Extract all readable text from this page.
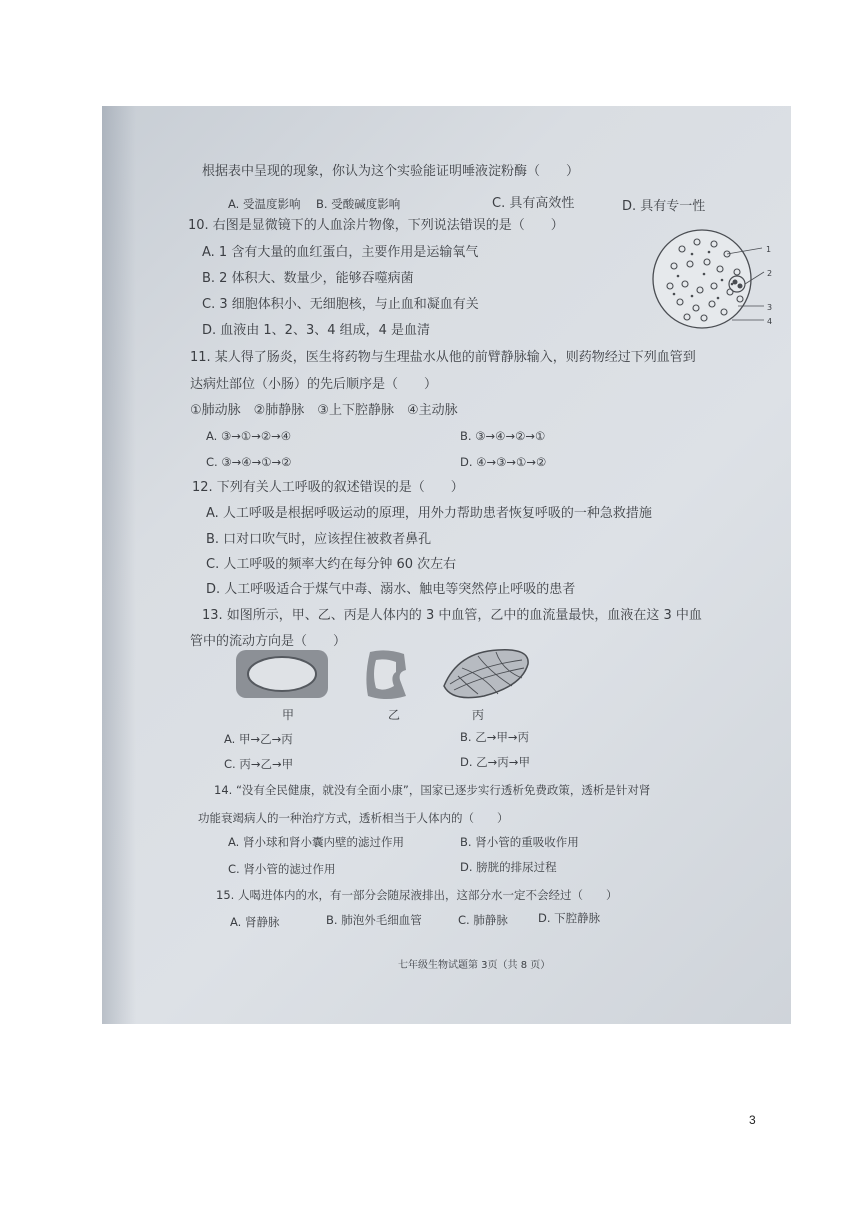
根据表中呈现的现象，你认为这个实验能证明唾液淀粉酶（　　）
A. 受温度影响 B. 受酸碱度影响	C. 具有高效性	D. 具有专一性
10. 右图是显微镜下的人血涂片物像，下列说法错误的是（　　）
A. 1 含有大量的血红蛋白，主要作用是运输氧气
B. 2 体积大、数量少，能够吞噬病菌
C. 3 细胞体积小、无细胞核，与止血和凝血有关
D. 血液由 1、2、3、4 组成，4 是血清
1
2
3
4
11. 某人得了肠炎，医生将药物与生理盐水从他的前臂静脉输入，则药物经过下列血管到
达病灶部位（小肠）的先后顺序是（　　）
①肺动脉　②肺静脉　③上下腔静脉　④主动脉
A. ③→①→②→④	B. ③→④→②→①
C. ③→④→①→②	D. ④→③→①→②
12. 下列有关人工呼吸的叙述错误的是（　　）
A. 人工呼吸是根据呼吸运动的原理，用外力帮助患者恢复呼吸的一种急救措施
B. 口对口吹气时，应该捏住被救者鼻孔
C. 人工呼吸的频率大约在每分钟 60 次左右
D. 人工呼吸适合于煤气中毒、溺水、触电等突然停止呼吸的患者
13. 如图所示，甲、乙、丙是人体内的 3 中血管，乙中的血流量最快，血液在这 3 中血
管中的流动方向是（　　）
甲	乙	丙
A. 甲→乙→丙	B. 乙→甲→丙
C. 丙→乙→甲	D. 乙→丙→甲
14. “没有全民健康，就没有全面小康”，国家已逐步实行透析免费政策，透析是针对肾
功能衰竭病人的一种治疗方式，透析相当于人体内的（　　）
A. 肾小球和肾小囊内壁的滤过作用	B. 肾小管的重吸收作用
C. 肾小管的滤过作用	D. 膀胱的排尿过程
15. 人喝进体内的水，有一部分会随尿液排出，这部分水一定不会经过（　　）
A. 肾静脉	B. 肺泡外毛细血管	C. 肺静脉	D. 下腔静脉
七年级生物试题第 3页（共 8 页）
3
